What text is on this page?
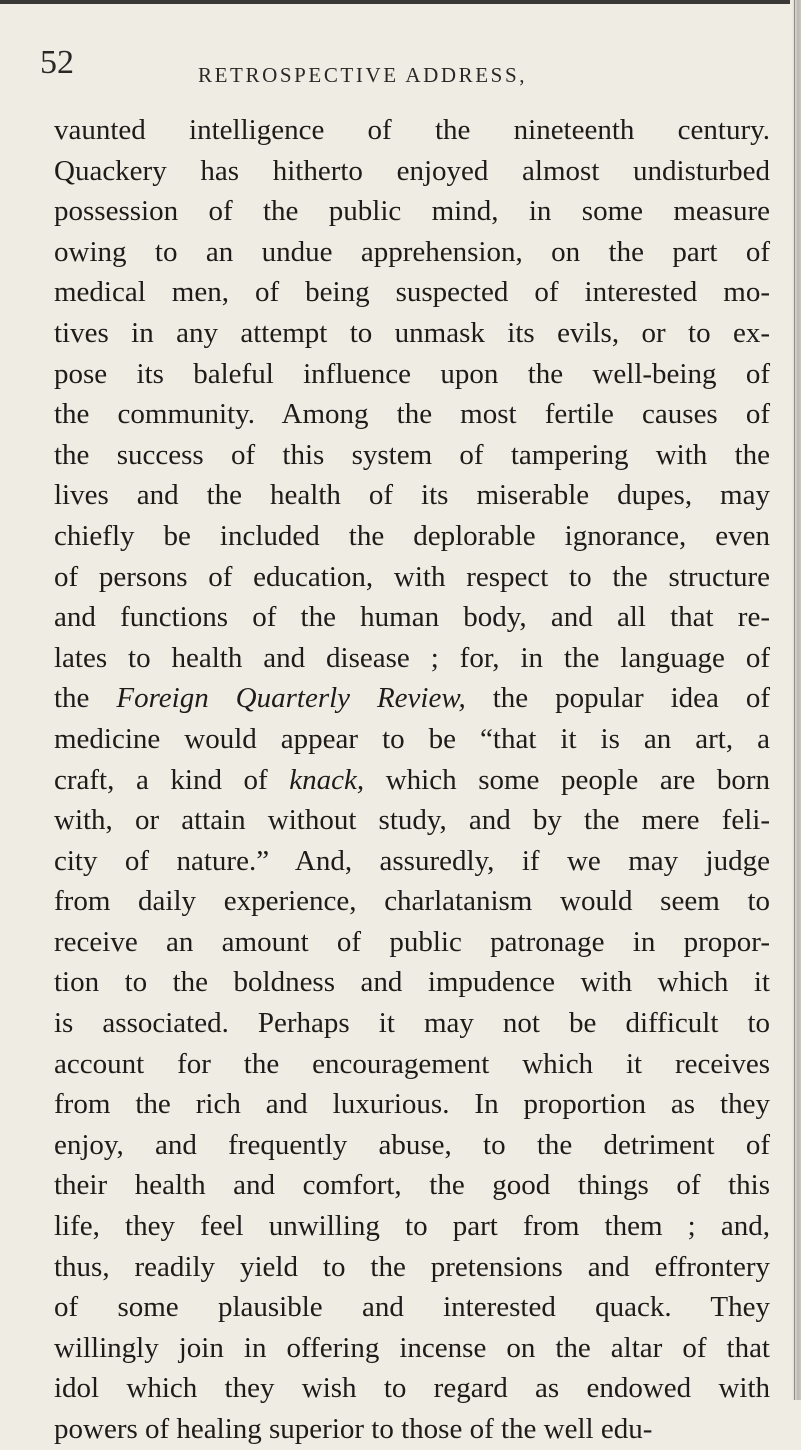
52	RETROSPECTIVE ADDRESS,
vaunted intelligence of the nineteenth century.
Quackery has hitherto enjoyed almost undisturbed
possession of the public mind, in some measure
owing to an undue apprehension, on the part of
medical men, of being suspected of interested mo-
tives in any attempt to unmask its evils, or to ex-
pose its baleful influence upon the well-being of
the community. Among the most fertile causes of
the success of this system of tampering with the
lives and the health of its miserable dupes, may
chiefly be included the deplorable ignorance, even
of persons of education, with respect to the structure
and functions of the human body, and all that re-
lates to health and disease ; for, in the language of
the Foreign Quarterly Review, the popular idea of
medicine would appear to be “that it is an art, a
craft, a kind of knack, which some people are born
with, or attain without study, and by the mere feli-
city of nature.” And, assuredly, if we may judge
from daily experience, charlatanism would seem to
receive an amount of public patronage in propor-
tion to the boldness and impudence with which it
is associated. Perhaps it may not be difficult to
account for the encouragement which it receives
from the rich and luxurious. In proportion as they
enjoy, and frequently abuse, to the detriment of
their health and comfort, the good things of this
life, they feel unwilling to part from them ; and,
thus, readily yield to the pretensions and effrontery
of some plausible and interested quack. They
willingly join in offering incense on the altar of that
idol which they wish to regard as endowed with
powers of healing superior to those of the well edu-
